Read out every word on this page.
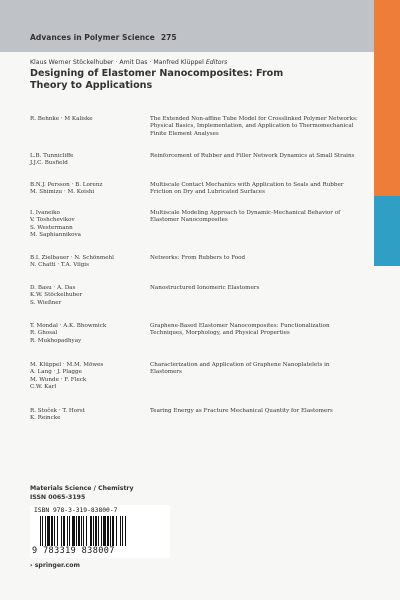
Advances in Polymer Science 275
Klaus Werner Stöckelhuber · Amit Das · Manfred Klüppel Editors
Designing of Elastomer Nanocomposites: From Theory to Applications
R. Behnke · M Kaliske	The Extended Non-affine Tube Model for Crosslinked Polymer Networks: Physical Basics, Implementation, and Application to Thermomechanical Finite Element Analyses
L.B. Tunnicliffe
J.J.C. Busfield
Reinforcement of Rubber and Filler Network Dynamics at Small Strains
B.N.J. Persson · B. Lorenz
M. Shimizu · M. Koishi
Multiscale Contact Mechanics with Application to Seals and Rubber Friction on Dry and Lubricated Surfaces
I. Ivaneiko
V. Toshchevikov
S. Westermann
M. Saphiannikova
Multiscale Modeling Approach to Dynamic-Mechanical Behavior of Elastomer Nanocomposites
B.I. Zielbauer · N. Schönmehl
N. Chatti · T.A. Vilgis
Networks: From Rubbers to Food
D. Basu · A. Das
K.W. Stöckelhuber
S. Wießner
Nanostructured Ionomeric Elastomers
T. Mondal · A.K. Bhowmick
R. Ghosal
R. Mukhopadhyay
Graphene-Based Elastomer Nanocomposites: Functionalization Techniques, Morphology, and Physical Properties
M. Klüppel · M.M. Möwes
A. Lang · J. Plagge
M. Wunde · F. Fleck
C.W. Karl
Characterization and Application of Graphene Nanoplatelets in Elastomers
R. Stoček · T. Horst
K. Reincke
Tearing Energy as Fracture Mechanical Quantity for Elastomers
Materials Science / Chemistry
ISSN 0065-3195
ISBN 978-3-319-83800-7
9 783319 838007
› springer.com
